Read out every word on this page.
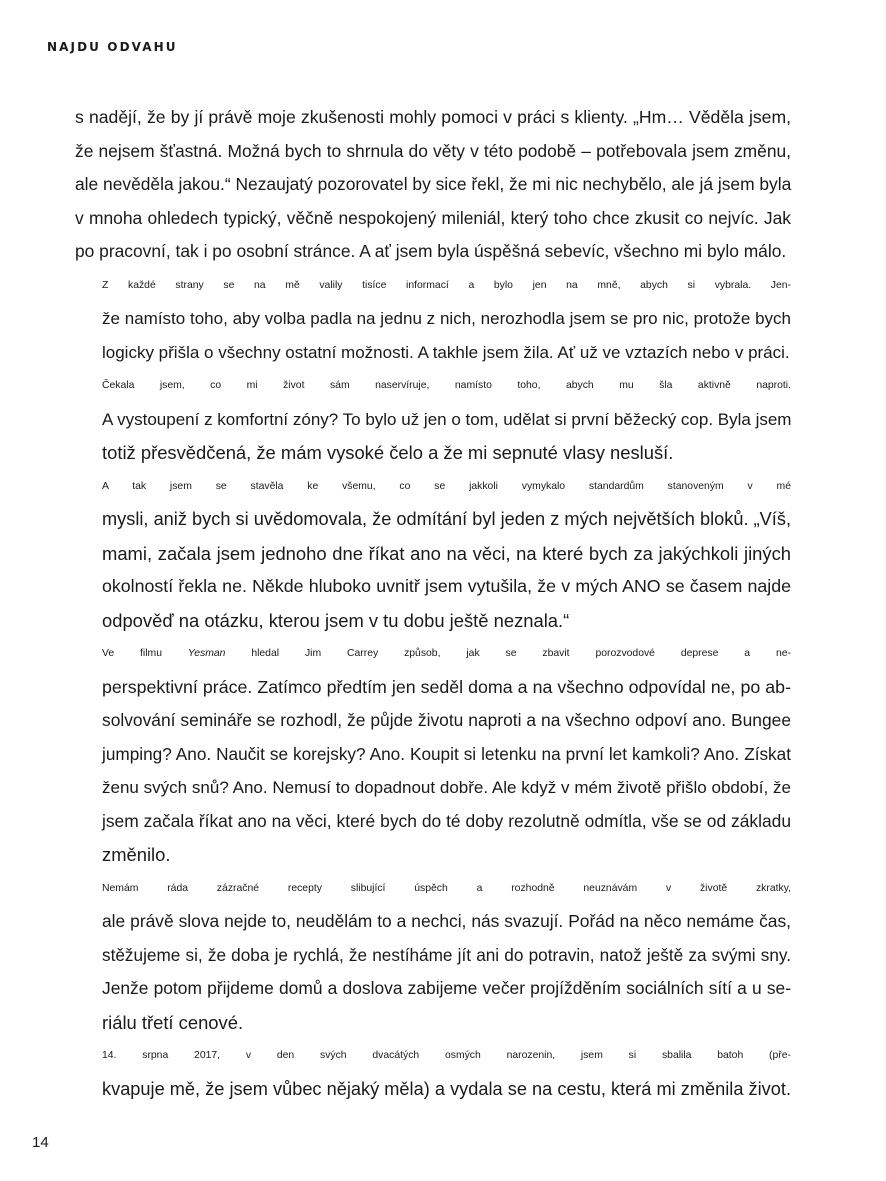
NAJDU ODVAHU

s nadějí, že by jí právě moje zkušenosti mohly pomoci v práci s klienty. „Hm… Věděla jsem,
že nejsem šťastná. Možná bych to shrnula do věty v této podobě – potřebovala jsem změnu,
ale nevěděla jakou.“ Nezaujatý pozorovatel by sice řekl, že mi nic nechybělo, ale já jsem byla
v mnoha ohledech typický, věčně nespokojený mileniál, který toho chce zkusit co nejvíc. Jak
po pracovní, tak i po osobní stránce. A ať jsem byla úspěšná sebevíc, všechno mi bylo málo.

Z každé strany se na mě valily tisíce informací a bylo jen na mně, abych si vybrala. Jen-
že namísto toho, aby volba padla na jednu z nich, nerozhodla jsem se pro nic, protože bych
logicky přišla o všechny ostatní možnosti. A takhle jsem žila. Ať už ve vztazích nebo v práci.

Čekala jsem, co mi život sám naservíruje, namísto toho, abych mu šla aktivně naproti.
A vystoupení z komfortní zóny? To bylo už jen o tom, udělat si první běžecký cop. Byla jsem
totiž přesvědčená, že mám vysoké čelo a že mi sepnuté vlasy nesluší.

A tak jsem se stavěla ke všemu, co se jakkoli vymykalo standardům stanoveným v mé
mysli, aniž bych si uvědomovala, že odmítání byl jeden z mých největších bloků. „Víš,
mami, začala jsem jednoho dne říkat ano na věci, na které bych za jakýchkoli jiných
okolností řekla ne. Někde hluboko uvnitř jsem vytušila, že v mých ANO se časem najde
odpověď na otázku, kterou jsem v tu dobu ještě neznala.“

Ve filmu Yesman hledal Jim Carrey způsob, jak se zbavit porozvodové deprese a ne-
perspektivní práce. Zatímco předtím jen seděl doma a na všechno odpovídal ne, po ab-
solvování semináře se rozhodl, že půjde životu naproti a na všechno odpoví ano. Bungee
jumping? Ano. Naučit se korejsky? Ano. Koupit si letenku na první let kamkoli? Ano. Získat
ženu svých snů? Ano. Nemusí to dopadnout dobře. Ale když v mém životě přišlo období, že
jsem začala říkat ano na věci, které bych do té doby rezolutně odmítla, vše se od základu
změnilo.

Nemám ráda zázračné recepty slibující úspěch a rozhodně neuznávám v životě zkratky,
ale právě slova nejde to, neudělám to a nechci, nás svazují. Pořád na něco nemáme čas,
stěžujeme si, že doba je rychlá, že nestíháme jít ani do potravin, natož ještě za svými sny.
Jenže potom přijdeme domů a doslova zabijeme večer projížděním sociálních sítí a u se-
riálu třetí cenové.

14. srpna 2017, v den svých dvacátých osmých narozenin, jsem si sbalila batoh (pře-
kvapuje mě, že jsem vůbec nějaký měla) a vydala se na cestu, která mi změnila život.

14
